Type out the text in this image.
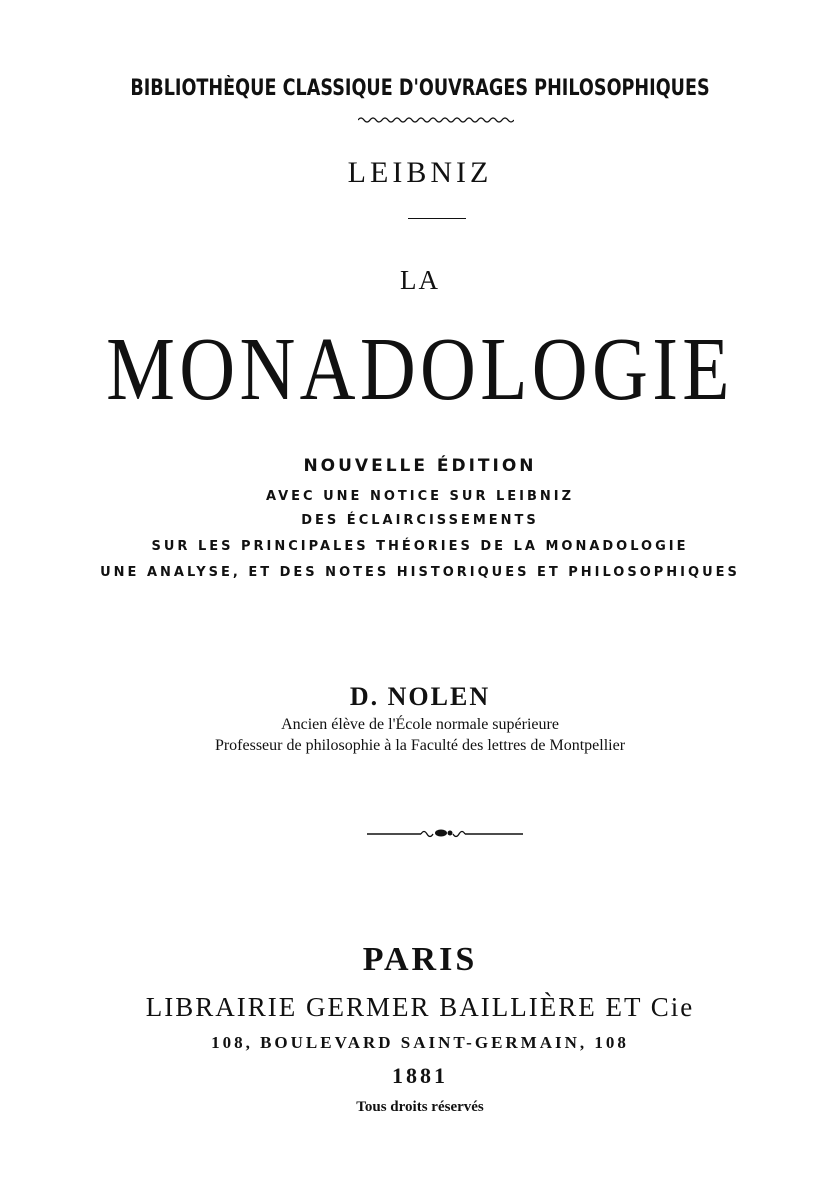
BIBLIOTHÈQUE CLASSIQUE D'OUVRAGES PHILOSOPHIQUES
LEIBNIZ
LA
MONADOLOGIE
NOUVELLE ÉDITION
AVEC UNE NOTICE SUR LEIBNIZ
DES ÉCLAIRCISSEMENTS
SUR LES PRINCIPALES THÉORIES DE LA MONADOLOGIE
UNE ANALYSE, ET DES NOTES HISTORIQUES ET PHILOSOPHIQUES
D. NOLEN
Ancien élève de l'École normale supérieure
Professeur de philosophie à la Faculté des lettres de Montpellier
PARIS
LIBRAIRIE GERMER BAILLIÈRE ET Cie
108, BOULEVARD SAINT-GERMAIN, 108
1881
Tous droits réservés
